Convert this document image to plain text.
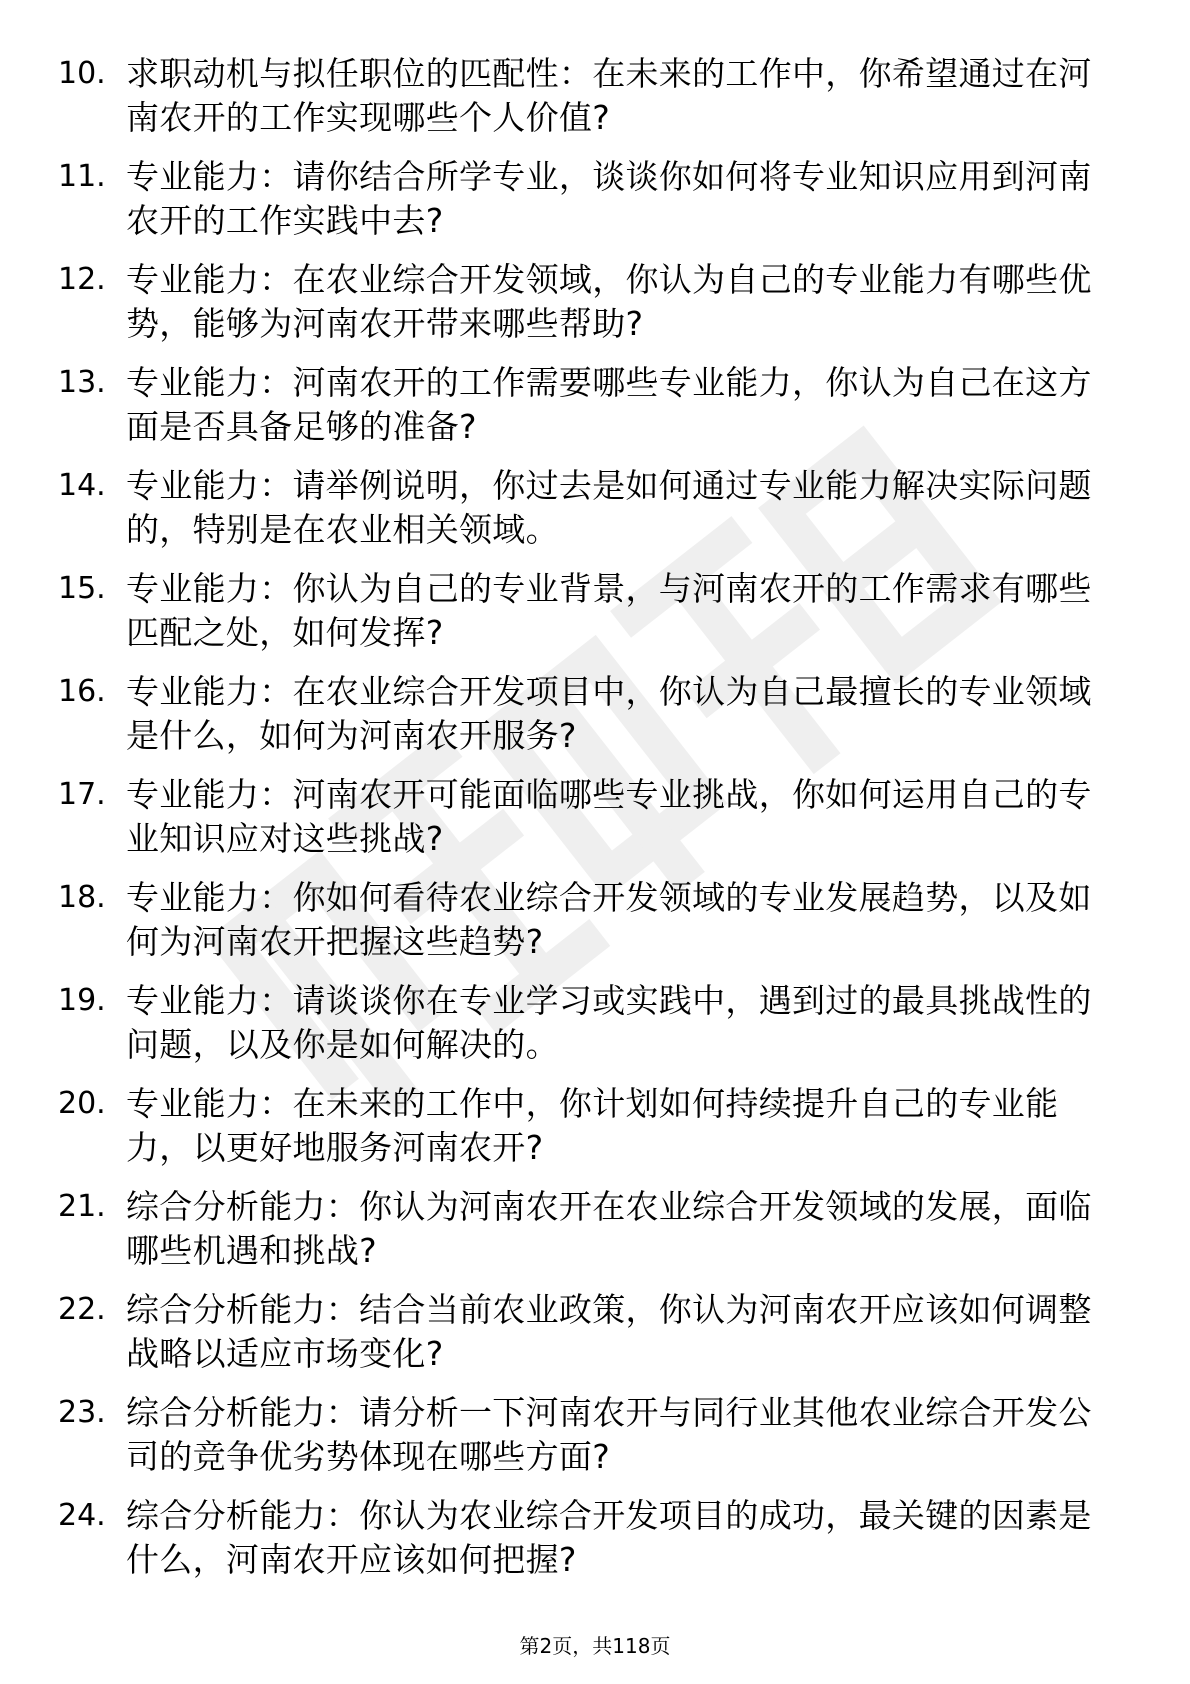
10. 求职动机与拟任职位的匹配性：在未来的工作中，你希望通过在河南农开的工作实现哪些个人价值?
11. 专业能力：请你结合所学专业，谈谈你如何将专业知识应用到河南农开的工作实践中去?
12. 专业能力：在农业综合开发领域，你认为自己的专业能力有哪些优势，能够为河南农开带来哪些帮助?
13. 专业能力：河南农开的工作需要哪些专业能力，你认为自己在这方面是否具备足够的准备?
14. 专业能力：请举例说明，你过去是如何通过专业能力解决实际问题的，特别是在农业相关领域。
15. 专业能力：你认为自己的专业背景，与河南农开的工作需求有哪些匹配之处，如何发挥?
16. 专业能力：在农业综合开发项目中，你认为自己最擅长的专业领域是什么，如何为河南农开服务?
17. 专业能力：河南农开可能面临哪些专业挑战，你如何运用自己的专业知识应对这些挑战?
18. 专业能力：你如何看待农业综合开发领域的专业发展趋势，以及如何为河南农开把握这些趋势?
19. 专业能力：请谈谈你在专业学习或实践中，遇到过的最具挑战性的问题，以及你是如何解决的。
20. 专业能力：在未来的工作中，你计划如何持续提升自己的专业能力，以更好地服务河南农开?
21. 综合分析能力：你认为河南农开在农业综合开发领域的发展，面临哪些机遇和挑战?
22. 综合分析能力：结合当前农业政策，你认为河南农开应该如何调整战略以适应市场变化?
23. 综合分析能力：请分析一下河南农开与同行业其他农业综合开发公司的竞争优劣势体现在哪些方面?
24. 综合分析能力：你认为农业综合开发项目的成功，最关键的因素是什么，河南农开应该如何把握?
第2页，共118页
